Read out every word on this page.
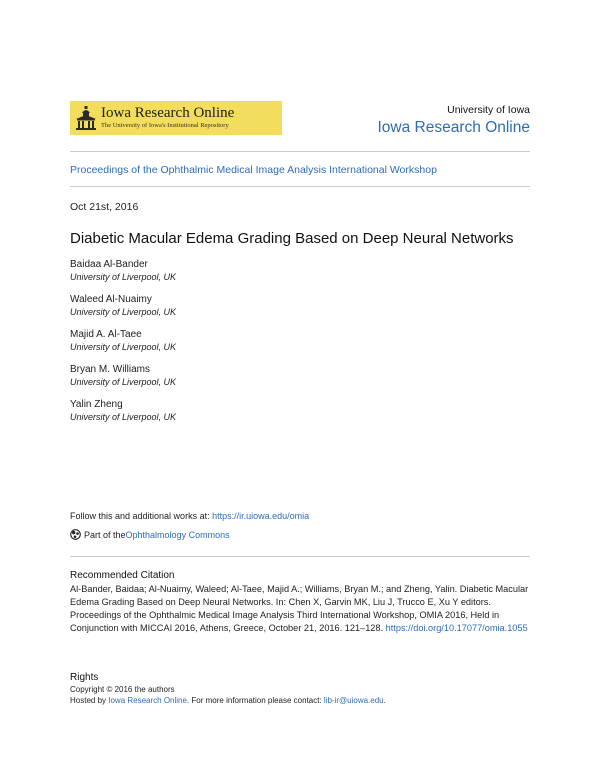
Iowa Research Online
The University of Iowa's Institutional Repository
University of Iowa
Iowa Research Online
Proceedings of the Ophthalmic Medical Image Analysis International Workshop
Oct 21st, 2016
Diabetic Macular Edema Grading Based on Deep Neural Networks
Baidaa Al-Bander
University of Liverpool, UK
Waleed Al-Nuaimy
University of Liverpool, UK
Majid A. Al-Taee
University of Liverpool, UK
Bryan M. Williams
University of Liverpool, UK
Yalin Zheng
University of Liverpool, UK
Follow this and additional works at: https://ir.uiowa.edu/omia
Part of the Ophthalmology Commons
Recommended Citation
Al-Bander, Baidaa; Al-Nuaimy, Waleed; Al-Taee, Majid A.; Williams, Bryan M.; and Zheng, Yalin. Diabetic Macular Edema Grading Based on Deep Neural Networks. In: Chen X, Garvin MK, Liu J, Trucco E, Xu Y editors. Proceedings of the Ophthalmic Medical Image Analysis Third International Workshop, OMIA 2016, Held in Conjunction with MICCAI 2016, Athens, Greece, October 21, 2016. 121–128. https://doi.org/10.17077/omia.1055
Rights
Copyright © 2016 the authors
Hosted by Iowa Research Online. For more information please contact: lib-ir@uiowa.edu.
